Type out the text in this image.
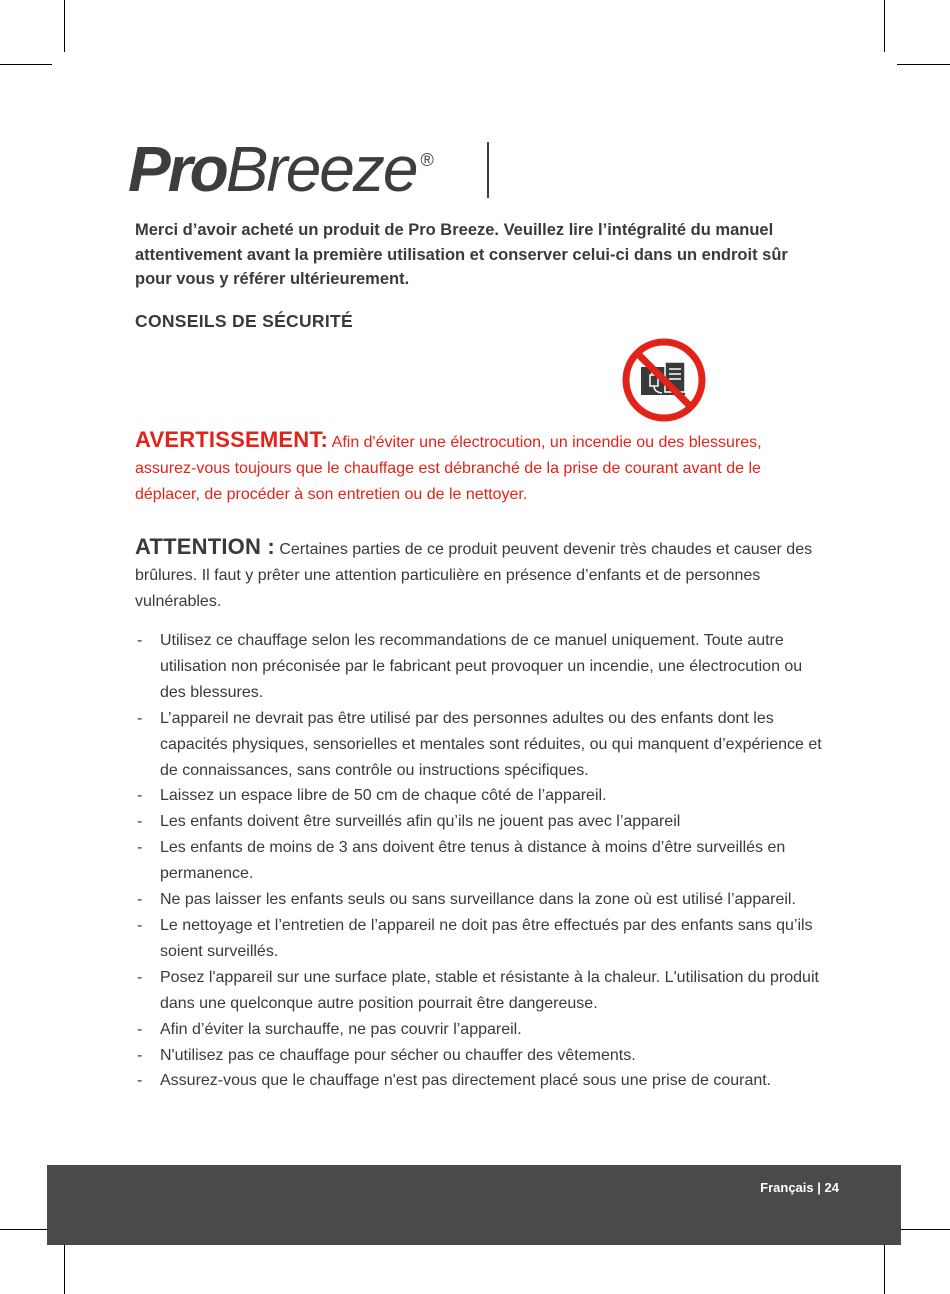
Pro Breeze ®

Merci d’avoir acheté un produit de Pro Breeze. Veuillez lire l’intégralité du manuel attentivement avant la première utilisation et conserver celui-ci dans un endroit sûr pour vous y référer ultérieurement.

CONSEILS DE SÉCURITÉ

AVERTISSEMENT: Afin d'éviter une électrocution, un incendie ou des blessures, assurez-vous toujours que le chauffage est débranché de la prise de courant avant de le déplacer, de procéder à son entretien ou de le nettoyer.

ATTENTION : Certaines parties de ce produit peuvent devenir très chaudes et causer des brûlures. Il faut y prêter une attention particulière en présence d’enfants et de personnes vulnérables.

- Utilisez ce chauffage selon les recommandations de ce manuel uniquement. Toute autre utilisation non préconisée par le fabricant peut provoquer un incendie, une électrocution ou des blessures.
- L’appareil ne devrait pas être utilisé par des personnes adultes ou des enfants dont les capacités physiques, sensorielles et mentales sont réduites, ou qui manquent d’expérience et de connaissances, sans contrôle ou instructions spécifiques.
- Laissez un espace libre de 50 cm de chaque côté de l’appareil.
- Les enfants doivent être surveillés afin qu’ils ne jouent pas avec l’appareil
- Les enfants de moins de 3 ans doivent être tenus à distance à moins d’être surveillés en permanence.
- Ne pas laisser les enfants seuls ou sans surveillance dans la zone où est utilisé l’appareil.
- Le nettoyage et l’entretien de l’appareil ne doit pas être effectués par des enfants sans qu’ils soient surveillés.
- Posez l'appareil sur une surface plate, stable et résistante à la chaleur. L'utilisation du produit dans une quelconque autre position pourrait être dangereuse.
- Afin d’éviter la surchauffe, ne pas couvrir l’appareil.
- N'utilisez pas ce chauffage pour sécher ou chauffer des vêtements.
- Assurez-vous que le chauffage n'est pas directement placé sous une prise de courant.
Français | 24
